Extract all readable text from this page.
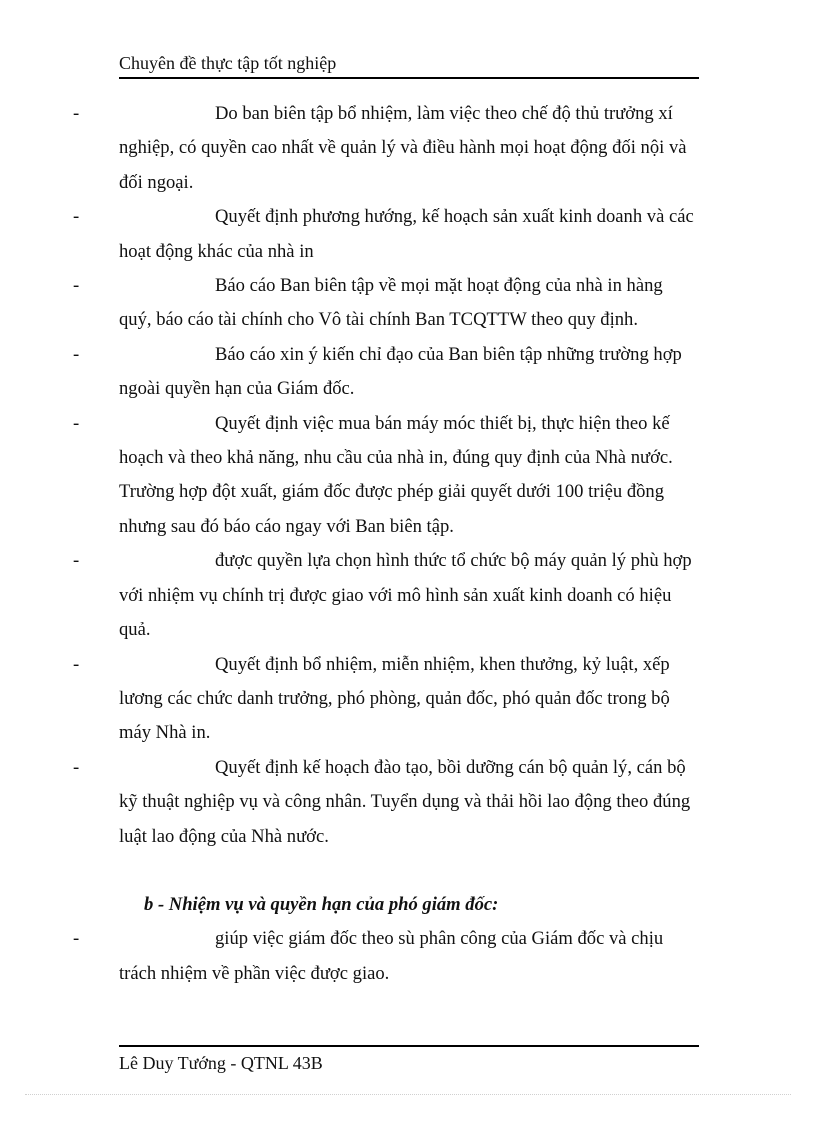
Chuyên đề thực tập tốt nghiệp

-	Do ban biên tập bổ nhiệm, làm việc theo chế độ thủ trưởng xí nghiệp, có quyền cao nhất về quản lý và điều hành mọi hoạt động đối nội và đối ngoại.

-	Quyết định phương hướng, kế hoạch sản xuất kinh doanh và các hoạt động khác của nhà in

-	Báo cáo Ban biên tập về mọi mặt hoạt động của nhà in hàng quý, báo cáo tài chính cho Vô tài chính Ban TCQTTW theo quy định.

-	Báo cáo xin ý kiến chỉ đạo của Ban biên tập những trường hợp ngoài quyền hạn của Giám đốc.

-	Quyết định việc mua bán máy móc thiết bị, thực hiện theo kế hoạch và theo khả năng, nhu cầu của nhà in, đúng quy định của Nhà nước. Trường hợp đột xuất, giám đốc được phép giải quyết dưới 100 triệu đồng nhưng sau đó báo cáo ngay với Ban biên tập.

-	được quyền lựa chọn hình thức tổ chức bộ máy quản lý phù hợp với nhiệm vụ chính trị được giao với mô hình sản xuất kinh doanh có hiệu quả.

-	Quyết định bổ nhiệm, miễn nhiệm, khen thưởng, kỷ luật, xếp lương các chức danh trưởng, phó phòng, quản đốc, phó quản đốc trong bộ máy Nhà in.

-	Quyết định kế hoạch đào tạo, bồi dưỡng cán bộ quản lý, cán bộ kỹ thuật nghiệp vụ và công nhân. Tuyển dụng và thải hồi lao động theo đúng luật lao động của Nhà nước.

b - Nhiệm vụ và quyền hạn của phó giám đốc:

-	giúp việc giám đốc theo sù phân công của Giám đốc và chịu trách nhiệm về phần việc được giao.

Lê Duy Tướng - QTNL 43B
